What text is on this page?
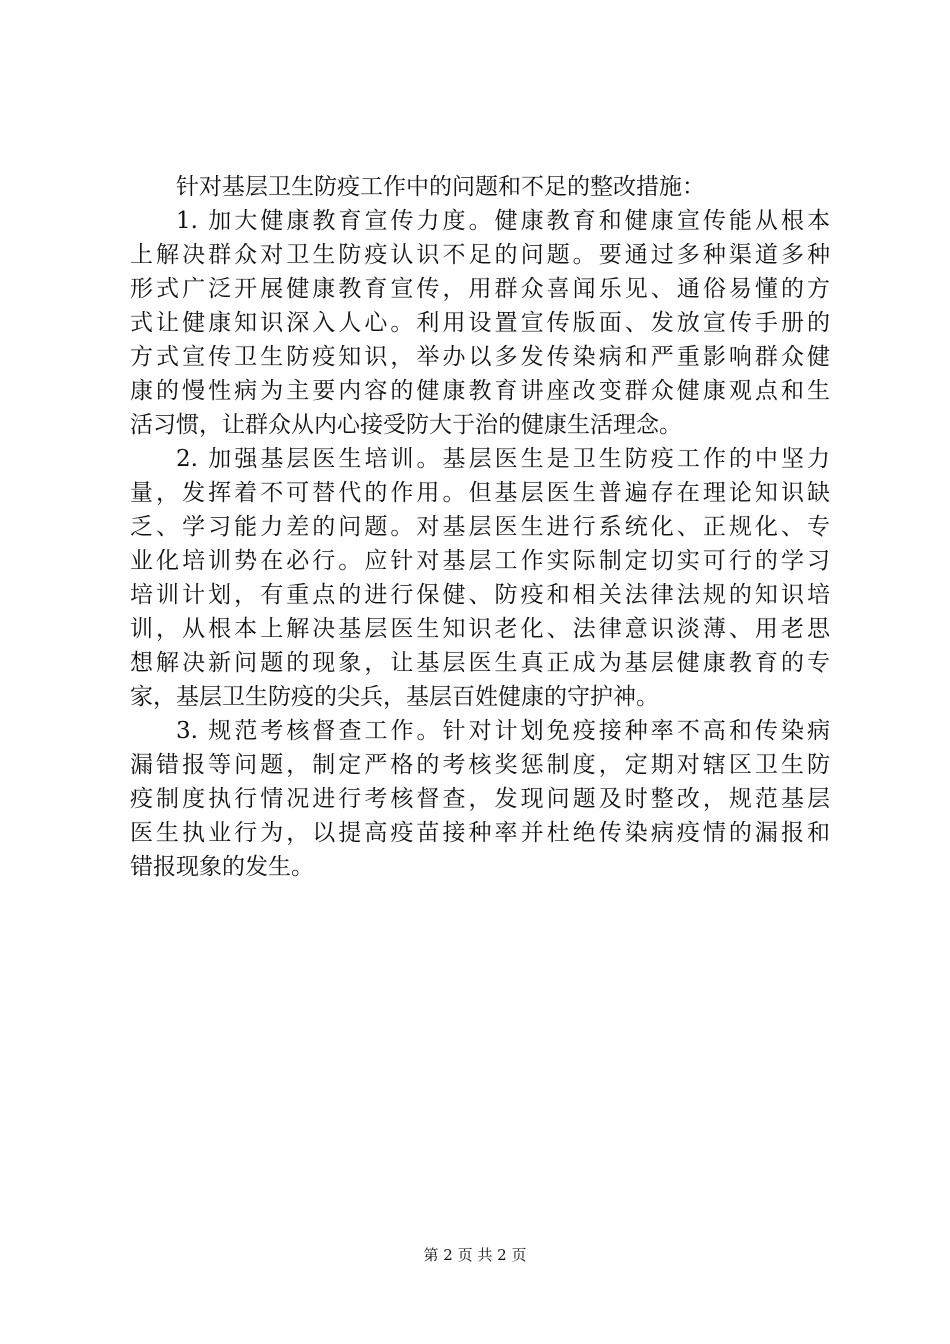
针对基层卫生防疫工作中的问题和不足的整改措施：
1. 加大健康教育宣传力度。健康教育和健康宣传能从根本
上解决群众对卫生防疫认识不足的问题。要通过多种渠道多种
形式广泛开展健康教育宣传，用群众喜闻乐见、通俗易懂的方
式让健康知识深入人心。利用设置宣传版面、发放宣传手册的
方式宣传卫生防疫知识，举办以多发传染病和严重影响群众健
康的慢性病为主要内容的健康教育讲座改变群众健康观点和生
活习惯，让群众从内心接受防大于治的健康生活理念。
2. 加强基层医生培训。基层医生是卫生防疫工作的中坚力
量，发挥着不可替代的作用。但基层医生普遍存在理论知识缺
乏、学习能力差的问题。对基层医生进行系统化、正规化、专
业化培训势在必行。应针对基层工作实际制定切实可行的学习
培训计划，有重点的进行保健、防疫和相关法律法规的知识培
训，从根本上解决基层医生知识老化、法律意识淡薄、用老思
想解决新问题的现象，让基层医生真正成为基层健康教育的专
家，基层卫生防疫的尖兵，基层百姓健康的守护神。
3. 规范考核督查工作。针对计划免疫接种率不高和传染病
漏错报等问题，制定严格的考核奖惩制度，定期对辖区卫生防
疫制度执行情况进行考核督查，发现问题及时整改，规范基层
医生执业行为，以提高疫苗接种率并杜绝传染病疫情的漏报和
错报现象的发生。
第 2 页 共 2 页
